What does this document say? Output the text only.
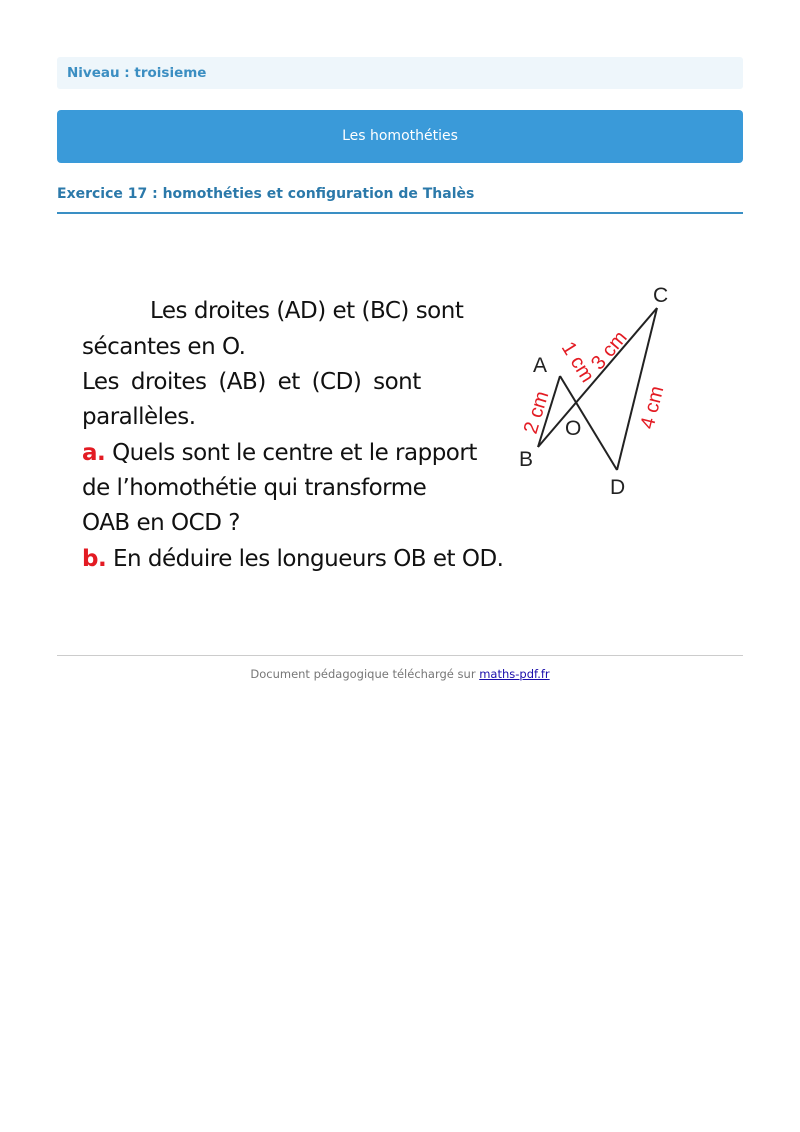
Niveau : troisieme
Les homothéties
Exercice 17 : homothéties et configuration de Thalès
Les droites (AD) et (BC) sont
sécantes en O.
Les droites (AB) et (CD) sont
parallèles.
a. Quels sont le centre et le rapport
de l’homothétie qui transforme
OAB en OCD ?
b. En déduire les longueurs OB et OD.
A
B
C
D
O
2 cm
1 cm
3 cm
4 cm
Document pédagogique téléchargé sur maths-pdf.fr
